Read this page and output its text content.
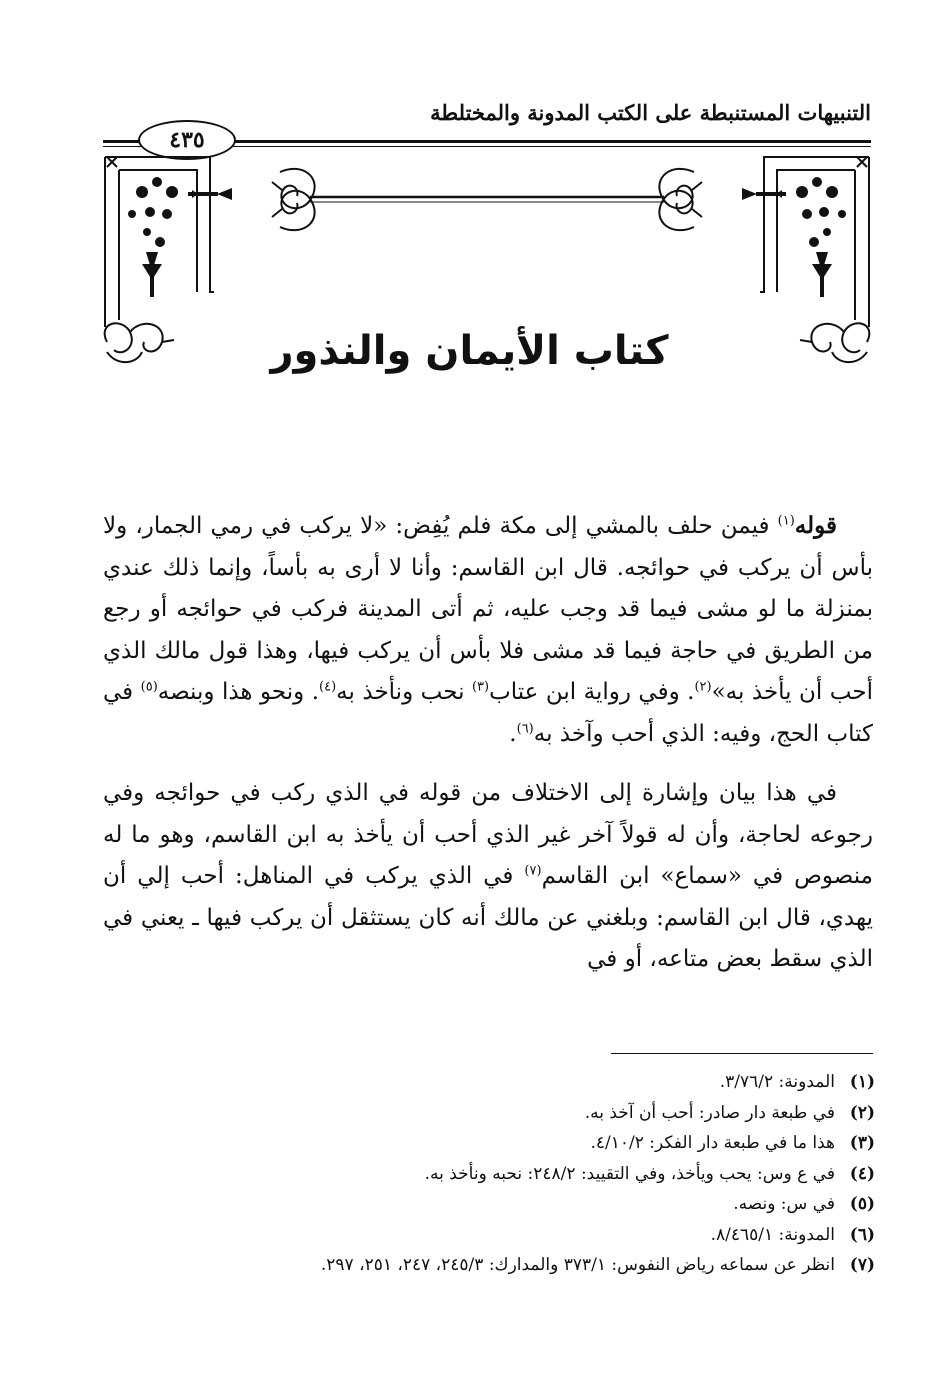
التنبيهات المستنبطة على الكتب المدونة والمختلطة
٤٣٥
كتاب الأيمان والنذور

قوله$^{(١)}$ فيمن حلف بالمشي إلى مكة فلم يُفِض: «لا يركب في رمي الجمار، ولا بأس أن يركب في حوائجه. قال ابن القاسم: وأنا لا أرى به بأساً، وإنما ذلك عندي بمنزلة ما لو مشى فيما قد وجب عليه، ثم أتى المدينة فركب في حوائجه أو رجع من الطريق في حاجة فيما قد مشى فلا بأس أن يركب فيها، وهذا قول مالك الذي أحب أن يأخذ به»$^{(٢)}$. وفي رواية ابن عتاب$^{(٣)}$ نحب ونأخذ به$^{(٤)}$. ونحو هذا وبنصه$^{(٥)}$ في كتاب الحج، وفيه: الذي أحب وآخذ به$^{(٦)}$.

في هذا بيان وإشارة إلى الاختلاف من قوله في الذي ركب في حوائجه وفي رجوعه لحاجة، وأن له قولاً آخر غير الذي أحب أن يأخذ به ابن القاسم، وهو ما له منصوص في «سماع» ابن القاسم$^{(٧)}$ في الذي يركب في المناهل: أحب إلي أن يهدي، قال ابن القاسم: وبلغني عن مالك أنه كان يستثقل أن يركب فيها ـ يعني في الذي سقط بعض متاعه، أو في

(١)المدونة: ٣/٧٦/٢.
(٢)في طبعة دار صادر: أحب أن آخذ به.
(٣)هذا ما في طبعة دار الفكر: ٤/١٠/٢.
(٤)في ع وس: يحب ويأخذ، وفي التقييد: ٢٤٨/٢: نحبه ونأخذ به.
(٥)في س: ونصه.
(٦)المدونة: ٨/٤٦٥/١.
(٧)انظر عن سماعه رياض النفوس: ٣٧٣/١ والمدارك: ٢٤٥/٣، ٢٤٧، ٢٥١، ٢٩٧.
